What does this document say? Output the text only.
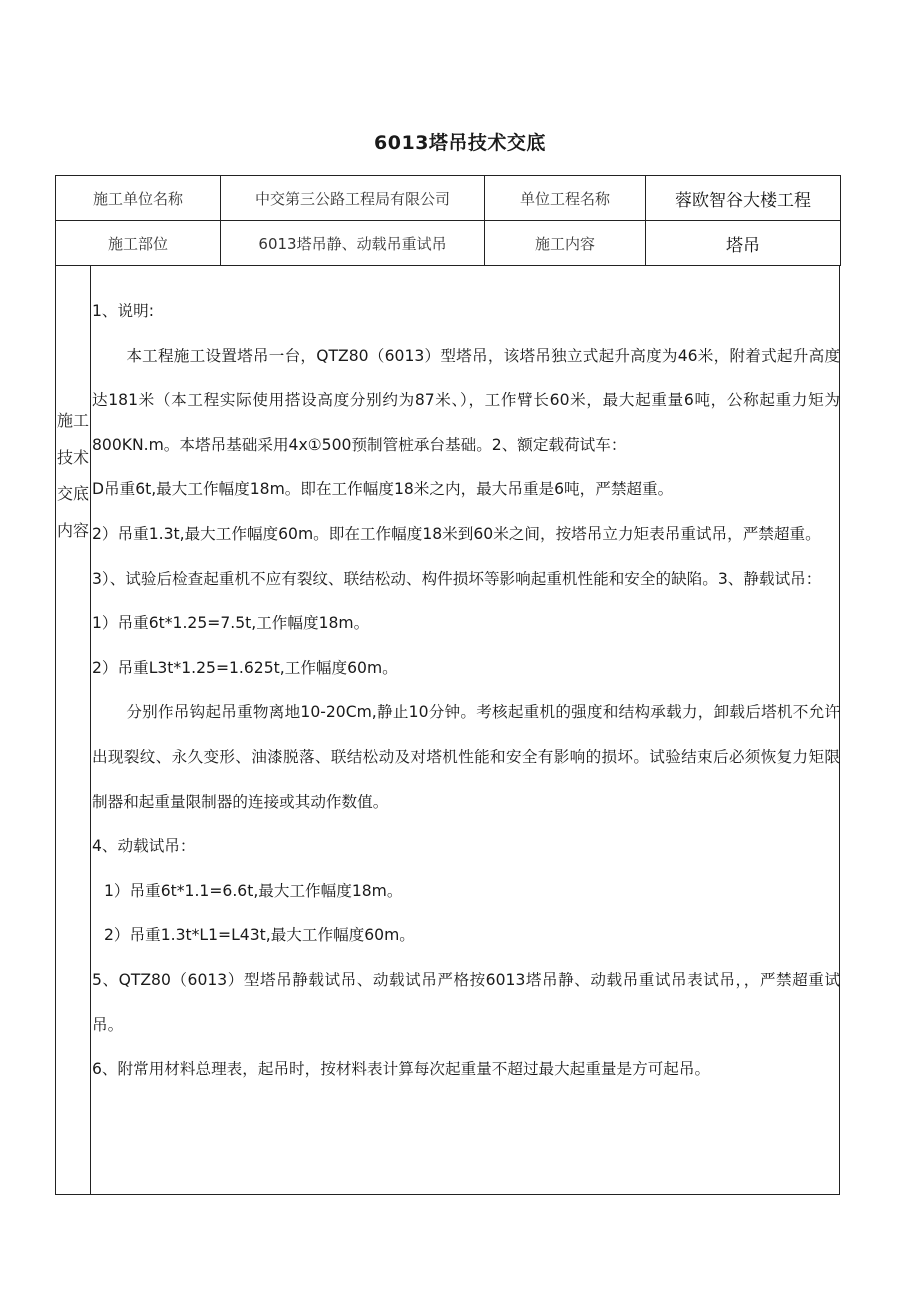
6013塔吊技术交底
施工单位名称	中交第三公路工程局有限公司	单位工程名称	蓉欧智谷大楼工程
施工部位	6013塔吊静、动载吊重试吊	施工内容	塔吊
施工技术交底内容

1、说明:

本工程施工设置塔吊一台，QTZ80（6013）型塔吊，该塔吊独立式起升高度为46米，附着式起升高度达181米（本工程实际使用搭设高度分别约为87米、），工作臂长60米，最大起重量6吨，公称起重力矩为800KN.m。本塔吊基础采用4x①500预制管桩承台基础。2、额定载荷试车：

D吊重6t,最大工作幅度18m。即在工作幅度18米之内，最大吊重是6吨，严禁超重。

2）吊重1.3t,最大工作幅度60m。即在工作幅度18米到60米之间，按塔吊立力矩表吊重试吊，严禁超重。

3）、试验后检查起重机不应有裂纹、联结松动、构件损坏等影响起重机性能和安全的缺陷。3、静载试吊：

1）吊重6t*1.25=7.5t,工作幅度18m。

2）吊重L3t*1.25=1.625t,工作幅度60m。

分别作吊钩起吊重物离地10-20Cm,静止10分钟。考核起重机的强度和结构承载力，卸载后塔机不允许出现裂纹、永久变形、油漆脱落、联结松动及对塔机性能和安全有影响的损坏。试验结束后必须恢复力矩限制器和起重量限制器的连接或其动作数值。

4、动载试吊：

1）吊重6t*1.1=6.6t,最大工作幅度18m。

2）吊重1.3t*L1=L43t,最大工作幅度60m。

5、QTZ80（6013）型塔吊静载试吊、动载试吊严格按6013塔吊静、动载吊重试吊表试吊，，严禁超重试吊。

6、附常用材料总理表，起吊时，按材料表计算每次起重量不超过最大起重量是方可起吊。
